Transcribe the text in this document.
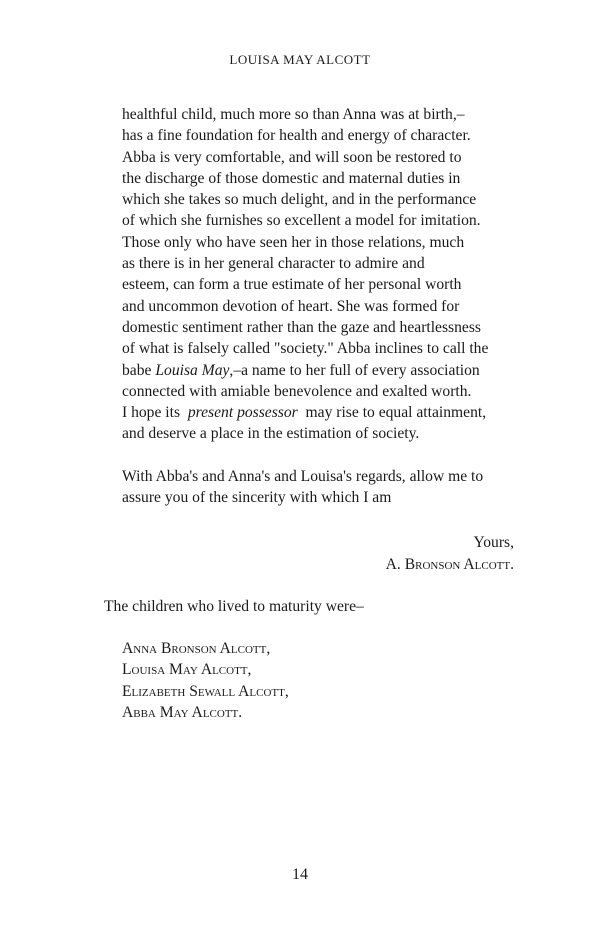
LOUISA MAY ALCOTT
healthful child, much more so than Anna was at birth,–
has a fine foundation for health and energy of character.
Abba is very comfortable, and will soon be restored to
the discharge of those domestic and maternal duties in
which she takes so much delight, and in the performance
of which she furnishes so excellent a model for imitation.
Those only who have seen her in those relations, much
as there is in her general character to admire and
esteem, can form a true estimate of her personal worth
and uncommon devotion of heart. She was formed for
domestic sentiment rather than the gaze and heartlessness
of what is falsely called "society." Abba inclines to call the
babe Louisa May,–a name to her full of every association
connected with amiable benevolence and exalted worth.
I hope its  present possessor  may rise to equal attainment,
and deserve a place in the estimation of society.
With Abba's and Anna's and Louisa's regards, allow me to
assure you of the sincerity with which I am
Yours,
A. Bronson Alcott.
The children who lived to maturity were–
Anna Bronson Alcott,
Louisa May Alcott,
Elizabeth Sewall Alcott,
Abba May Alcott.
14
